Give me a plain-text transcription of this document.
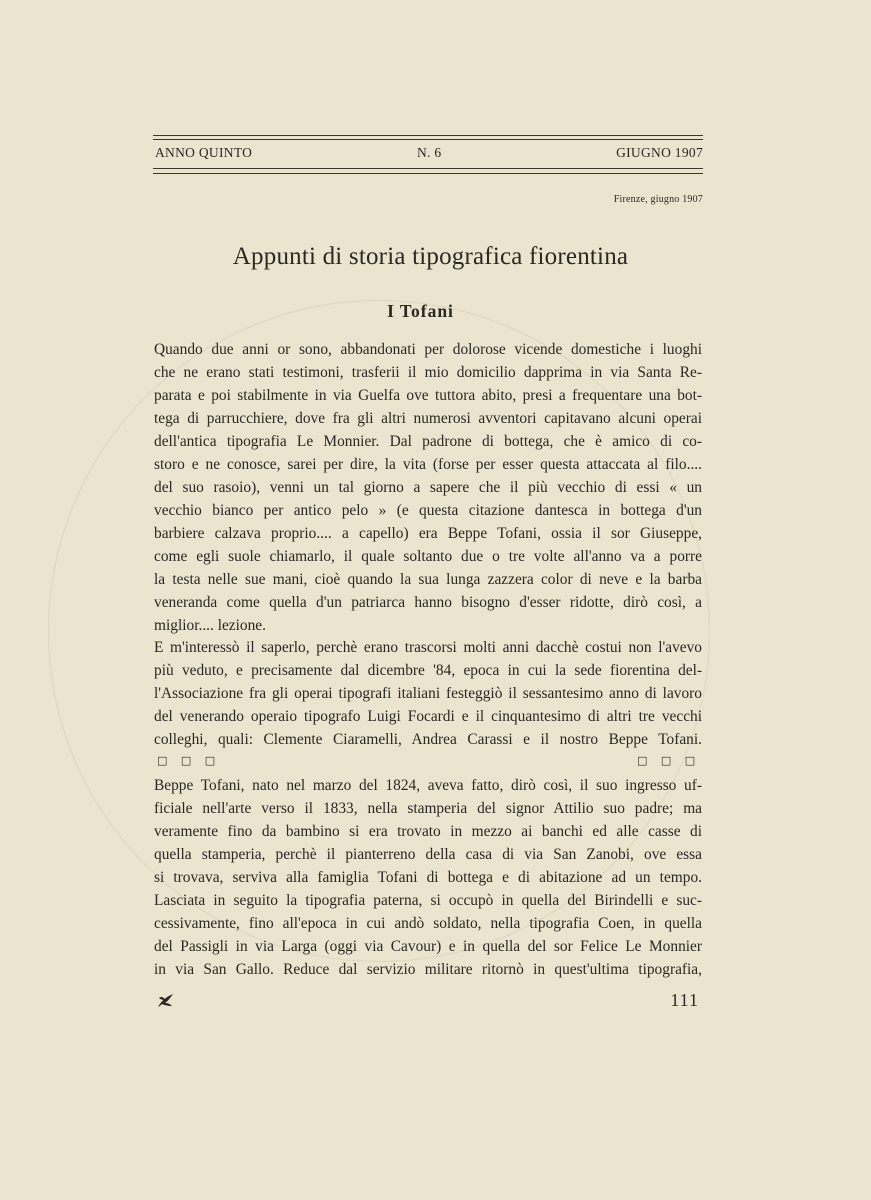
ANNO QUINTO	N. 6	GIUGNO 1907
Firenze, giugno 1907
Appunti di storia tipografica fiorentina
I Tofani
Quando due anni or sono, abbandonati per dolorose vicende domestiche i luoghi
che ne erano stati testimoni, trasferii il mio domicilio dapprima in via Santa Re-
parata e poi stabilmente in via Guelfa ove tuttora abito, presi a frequentare una bot-
tega di parrucchiere, dove fra gli altri numerosi avventori capitavano alcuni operai
dell'antica tipografia Le Monnier. Dal padrone di bottega, che è amico di co-
storo e ne conosce, sarei per dire, la vita (forse per esser questa attaccata al filo....
del suo rasoio), venni un tal giorno a sapere che il più vecchio di essi « un
vecchio bianco per antico pelo » (e questa citazione dantesca in bottega d'un
barbiere calzava proprio.... a capello) era Beppe Tofani, ossia il sor Giuseppe,
come egli suole chiamarlo, il quale soltanto due o tre volte all'anno va a porre
la testa nelle sue mani, cioè quando la sua lunga zazzera color di neve e la barba
veneranda come quella d'un patriarca hanno bisogno d'esser ridotte, dirò così, a
miglior.... lezione.
E m'interessò il saperlo, perchè erano trascorsi molti anni dacchè costui non l'avevo
più veduto, e precisamente dal dicembre '84, epoca in cui la sede fiorentina del-
l'Associazione fra gli operai tipografi italiani festeggiò il sessantesimo anno di lavoro
del venerando operaio tipografo Luigi Focardi e il cinquantesimo di altri tre vecchi
colleghi, quali: Clemente Ciaramelli, Andrea Carassi e il nostro Beppe Tofani.
□ □ □	□ □ □
Beppe Tofani, nato nel marzo del 1824, aveva fatto, dirò così, il suo ingresso uf-
ficiale nell'arte verso il 1833, nella stamperia del signor Attilio suo padre; ma
veramente fino da bambino si era trovato in mezzo ai banchi ed alle casse di
quella stamperia, perchè il pianterreno della casa di via San Zanobi, ove essa
si trovava, serviva alla famiglia Tofani di bottega e di abitazione ad un tempo.
Lasciata in seguito la tipografia paterna, si occupò in quella del Birindelli e suc-
cessivamente, fino all'epoca in cui andò soldato, nella tipografia Coen, in quella
del Passigli in via Larga (oggi via Cavour) e in quella del sor Felice Le Monnier
in via San Gallo. Reduce dal servizio militare ritornò in quest'ultima tipografia,
111
